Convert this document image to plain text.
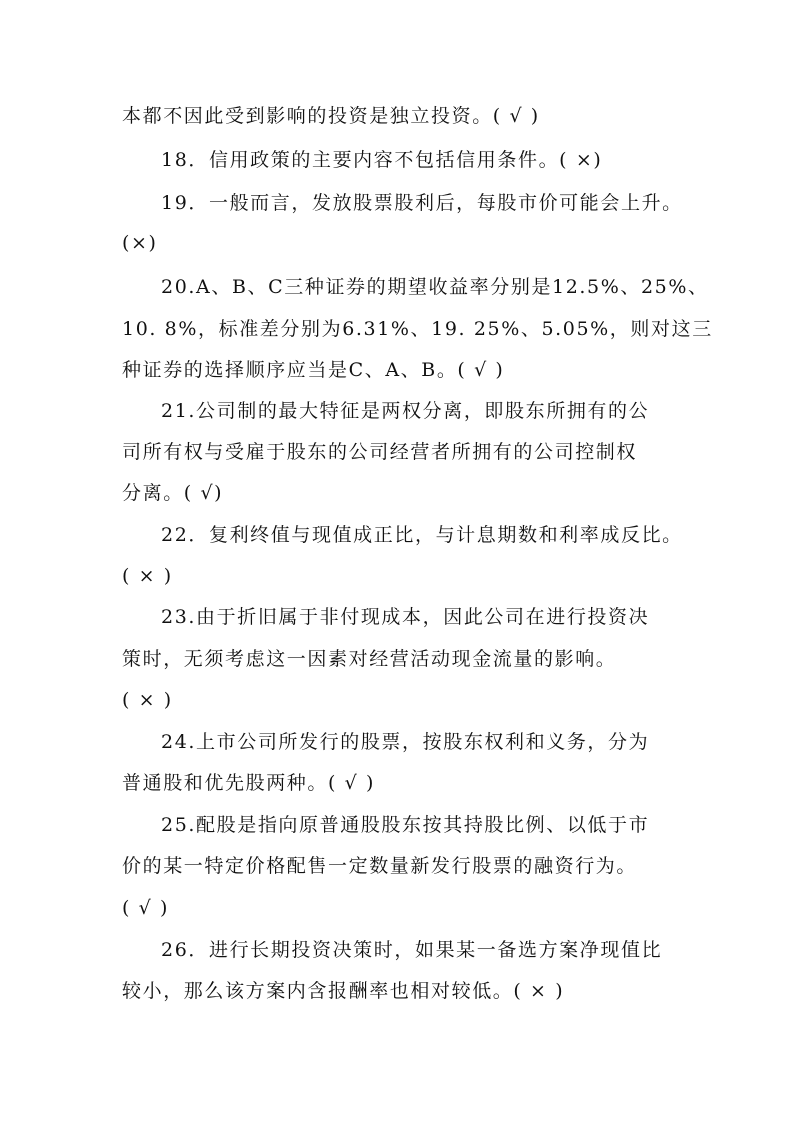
本都不因此受到影响的投资是独立投资。( √ )
18．信用政策的主要内容不包括信用条件。( ×)
19．一般而言，发放股票股利后，每股市价可能会上升。
(×)
20.A、B、C三种证券的期望收益率分别是12.5%、25%、
10. 8%，标准差分别为6.31%、19. 25%、5.05%，则对这三
种证券的选择顺序应当是C、A、B。( √ )
21.公司制的最大特征是两权分离，即股东所拥有的公
司所有权与受雇于股东的公司经营者所拥有的公司控制权
分离。( √)
22．复利终值与现值成正比，与计息期数和利率成反比。
( × )
23.由于折旧属于非付现成本，因此公司在进行投资决
策时，无须考虑这一因素对经营活动现金流量的影响。
( × )
24.上市公司所发行的股票，按股东权利和义务，分为
普通股和优先股两种。( √ )
25.配股是指向原普通股股东按其持股比例、以低于市
价的某一特定价格配售一定数量新发行股票的融资行为。
( √ )
26．进行长期投资决策时，如果某一备选方案净现值比
较小，那么该方案内含报酬率也相对较低。( × )
